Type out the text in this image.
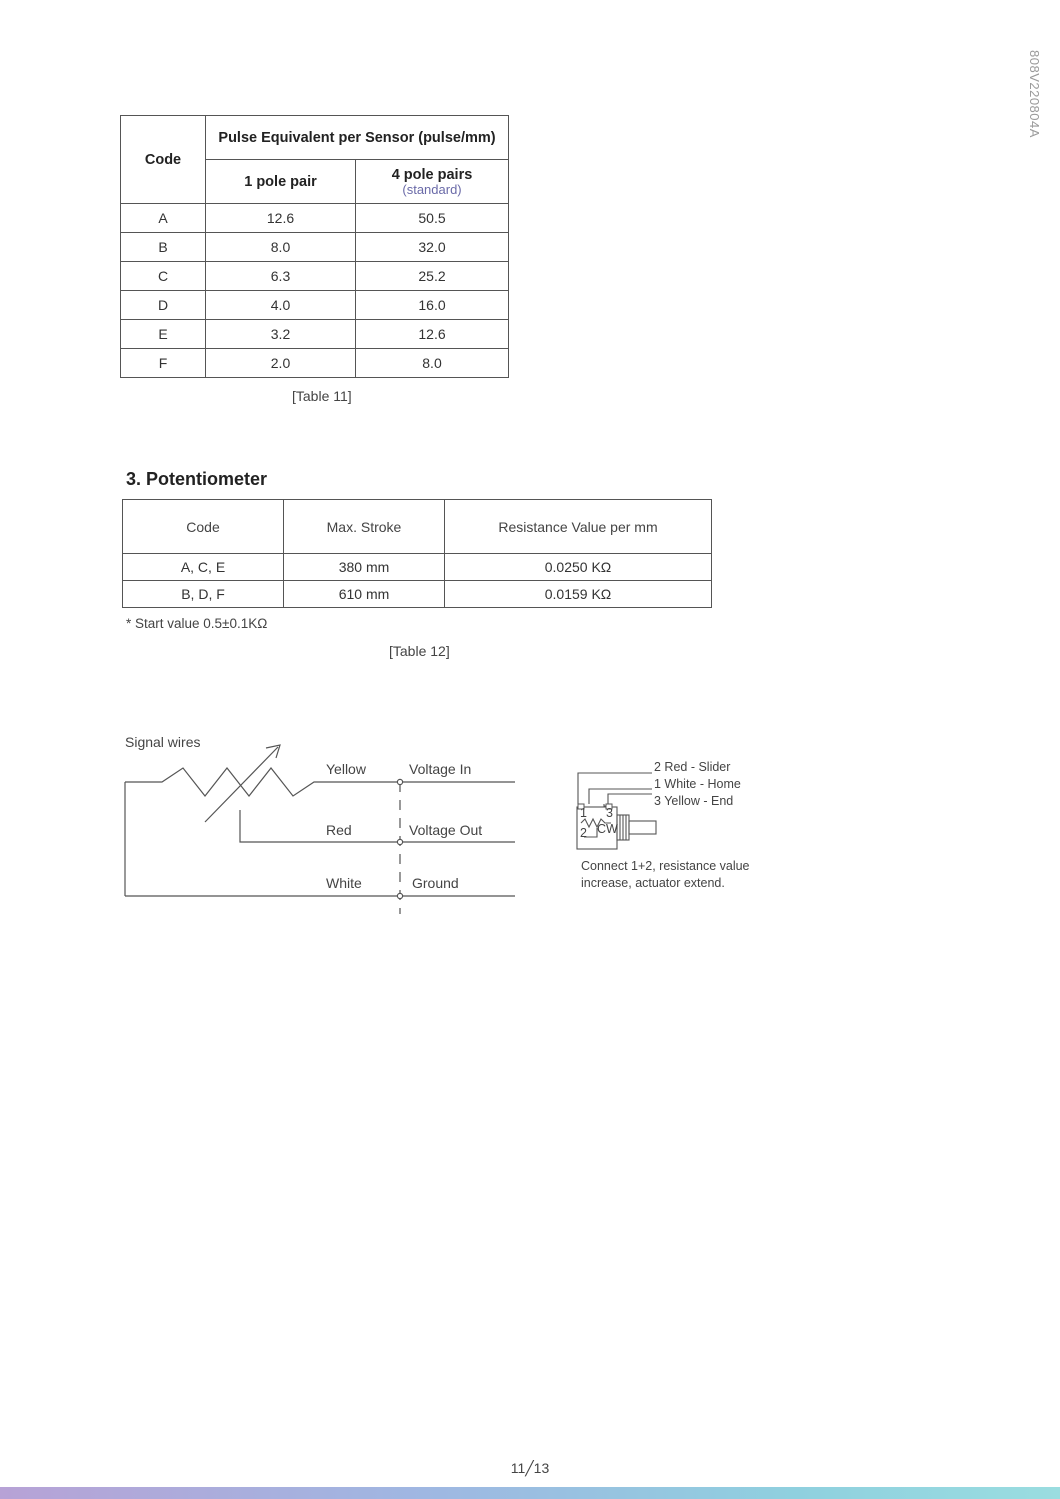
808V220804A
Code	Pulse Equivalent per Sensor (pulse/mm)	
	1 pole pair	4 pole pairs
(standard)

A	12.6	50.5
B	8.0	32.0
C	6.3	25.2
D	4.0	16.0
E	3.2	12.6
F	2.0	8.0
[Table 11]
3. Potentiometer
Code	Max. Stroke	Resistance Value per mm
A, C, E	380 mm	0.0250 KΩ
B, D, F	610 mm	0.0159 KΩ
* Start value 0.5±0.1KΩ
[Table 12]
Signal wires
Yellow	Voltage In
Red	Voltage Out
White	Ground
1 3
2 CW
2 Red - Slider
1 White - Home
3 Yellow - End
Connect 1+2, resistance value
increase, actuator extend.
11╱13
